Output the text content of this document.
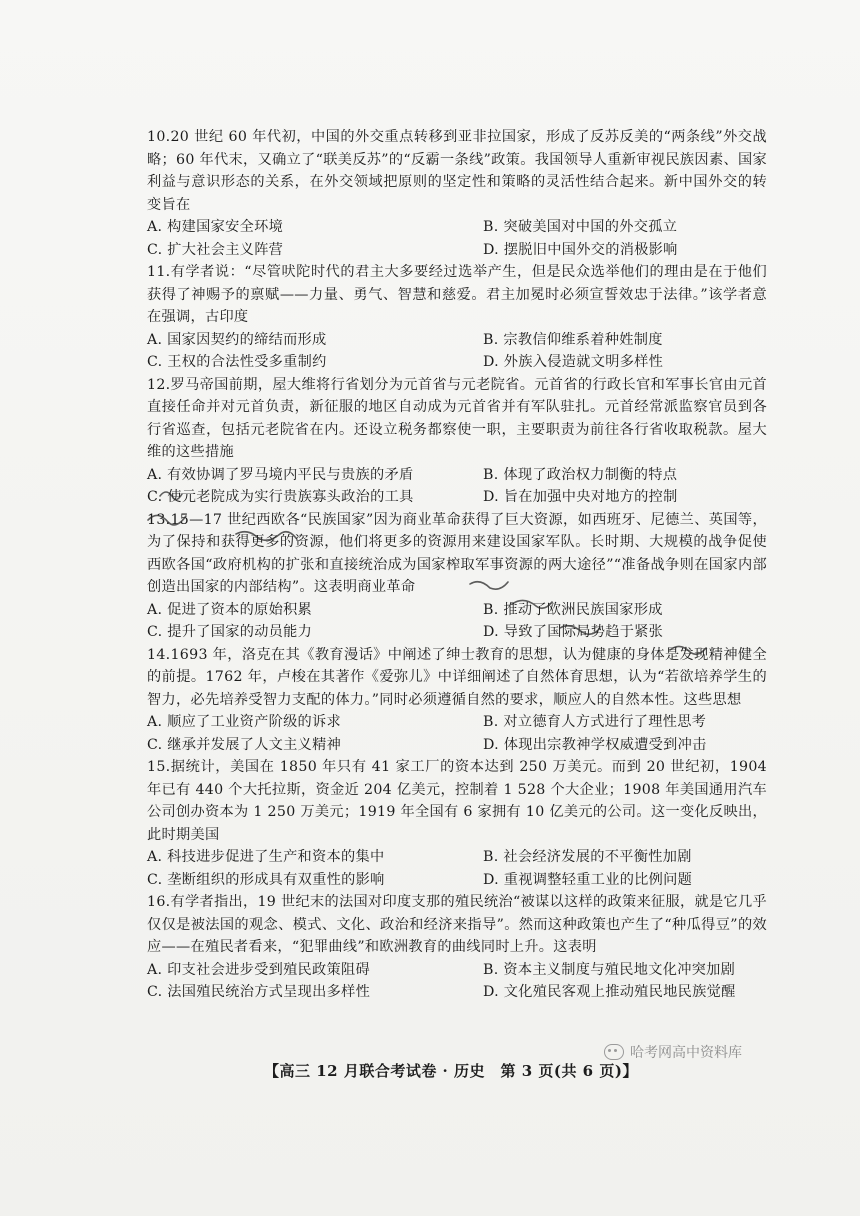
10.20 世纪 60 年代初，中国的外交重点转移到亚非拉国家，形成了反苏反美的“两条线”外交战略；60 年代末，又确立了“联美反苏”的“反霸一条线”政策。我国领导人重新审视民族因素、国家利益与意识形态的关系，在外交领域把原则的坚定性和策略的灵活性结合起来。新中国外交的转变旨在

A. 构建国家安全环境	B. 突破美国对中国的外交孤立
C. 扩大社会主义阵营	D. 摆脱旧中国外交的消极影响

11.有学者说：“尽管吠陀时代的君主大多要经过选举产生，但是民众选举他们的理由是在于他们获得了神赐予的禀赋——力量、勇气、智慧和慈爱。君主加冕时必须宣誓效忠于法律。”该学者意在强调，古印度

A. 国家因契约的缔结而形成	B. 宗教信仰维系着种姓制度
C. 王权的合法性受多重制约	D. 外族入侵造就文明多样性

12.罗马帝国前期，屋大维将行省划分为元首省与元老院省。元首省的行政长官和军事长官由元首直接任命并对元首负责，新征服的地区自动成为元首省并有军队驻扎。元首经常派监察官员到各行省巡查，包括元老院省在内。还设立税务都察使一职，主要职责为前往各行省收取税款。屋大维的这些措施

A. 有效协调了罗马境内平民与贵族的矛盾	B. 体现了政治权力制衡的特点
C. 使元老院成为实行贵族寡头政治的工具	D. 旨在加强中央对地方的控制

13.15—17 世纪西欧各“民族国家”因为商业革命获得了巨大资源，如西班牙、尼德兰、英国等，为了保持和获得更多的资源，他们将更多的资源用来建设国家军队。长时期、大规模的战争促使西欧各国“政府机构的扩张和直接统治成为国家榨取军事资源的两大途径”“准备战争则在国家内部创造出国家的内部结构”。这表明商业革命

A. 促进了资本的原始积累	B. 推动了欧洲民族国家形成
C. 提升了国家的动员能力	D. 导致了国际局势趋于紧张

14.1693 年，洛克在其《教育漫话》中阐述了绅士教育的思想，认为健康的身体是发现精神健全的前提。1762 年，卢梭在其著作《爱弥儿》中详细阐述了自然体育思想，认为“若欲培养学生的智力，必先培养受智力支配的体力。”同时必须遵循自然的要求，顺应人的自然本性。这些思想

A. 顺应了工业资产阶级的诉求	B. 对立德育人方式进行了理性思考
C. 继承并发展了人文主义精神	D. 体现出宗教神学权威遭受到冲击

15.据统计，美国在 1850 年只有 41 家工厂的资本达到 250 万美元。而到 20 世纪初，1904 年已有 440 个大托拉斯，资金近 204 亿美元，控制着 1 528 个大企业；1908 年美国通用汽车公司创办资本为 1 250 万美元；1919 年全国有 6 家拥有 10 亿美元的公司。这一变化反映出，此时期美国

A. 科技进步促进了生产和资本的集中	B. 社会经济发展的不平衡性加剧
C. 垄断组织的形成具有双重性的影响	D. 重视调整轻重工业的比例问题

16.有学者指出，19 世纪末的法国对印度支那的殖民统治“被谋以这样的政策来征服，就是它几乎仅仅是被法国的观念、模式、文化、政治和经济来指导”。然而这种政策也产生了“种瓜得豆”的效应——在殖民者看来，“犯罪曲线”和欧洲教育的曲线同时上升。这表明

A. 印支社会进步受到殖民政策阻碍	B. 资本主义制度与殖民地文化冲突加剧
C. 法国殖民统治方式呈现出多样性	D. 文化殖民客观上推动殖民地民族觉醒
哈考网高中资料库
【高三 12 月联合考试卷 · 历史　第 3 页(共 6 页)】
